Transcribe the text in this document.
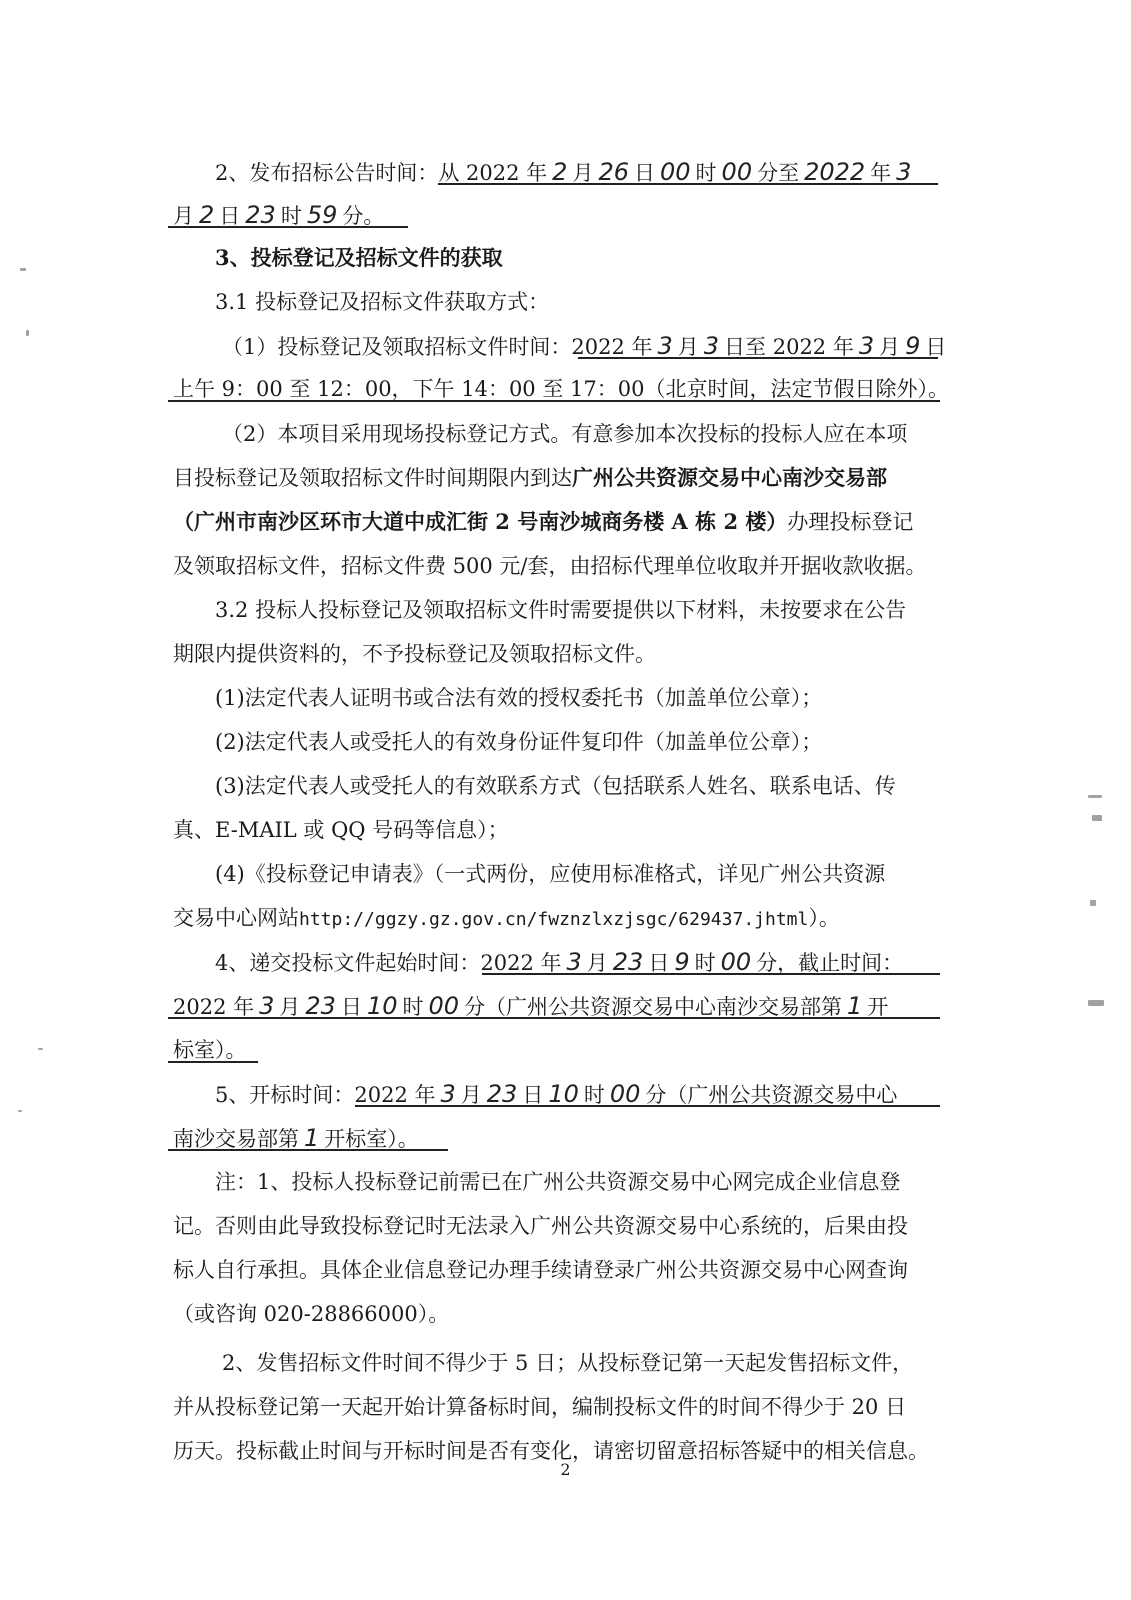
2、发布招标公告时间：从 2022 年 2 月 26 日 00 时 00 分至 2022 年 3
月 2 日 23 时 59 分。
3、投标登记及招标文件的获取
3.1 投标登记及招标文件获取方式：
（1）投标登记及领取招标文件时间：2022 年 3 月 3 日至 2022 年 3 月 9 日
上午 9：00 至 12：00，下午 14：00 至 17：00（北京时间，法定节假日除外）。
（2）本项目采用现场投标登记方式。有意参加本次投标的投标人应在本项
目投标登记及领取招标文件时间期限内到达广州公共资源交易中心南沙交易部
（广州市南沙区环市大道中成汇街 2 号南沙城商务楼 A 栋 2 楼）办理投标登记
及领取招标文件，招标文件费 500 元/套，由招标代理单位收取并开据收款收据。
3.2 投标人投标登记及领取招标文件时需要提供以下材料，未按要求在公告
期限内提供资料的，不予投标登记及领取招标文件。
(1)法定代表人证明书或合法有效的授权委托书（加盖单位公章）；
(2)法定代表人或受托人的有效身份证件复印件（加盖单位公章）；
(3)法定代表人或受托人的有效联系方式（包括联系人姓名、联系电话、传
真、E-MAIL 或 QQ 号码等信息）；
(4)《投标登记申请表》（一式两份，应使用标准格式，详见广州公共资源
交易中心网站http://ggzy.gz.gov.cn/fwznzlxzjsgc/629437.jhtml）。
4、递交投标文件起始时间：2022 年 3 月 23 日 9 时 00 分，截止时间：
2022 年 3 月 23 日 10 时 00 分（广州公共资源交易中心南沙交易部第 1 开
标室）。
5、开标时间：2022 年 3 月 23 日 10 时 00 分（广州公共资源交易中心
南沙交易部第 1 开标室）。
注：1、投标人投标登记前需已在广州公共资源交易中心网完成企业信息登
记。否则由此导致投标登记时无法录入广州公共资源交易中心系统的，后果由投
标人自行承担。具体企业信息登记办理手续请登录广州公共资源交易中心网查询
（或咨询 020-28866000）。
2、发售招标文件时间不得少于 5 日；从投标登记第一天起发售招标文件，
并从投标登记第一天起开始计算备标时间，编制投标文件的时间不得少于 20 日
历天。投标截止时间与开标时间是否有变化，请密切留意招标答疑中的相关信息。
2
